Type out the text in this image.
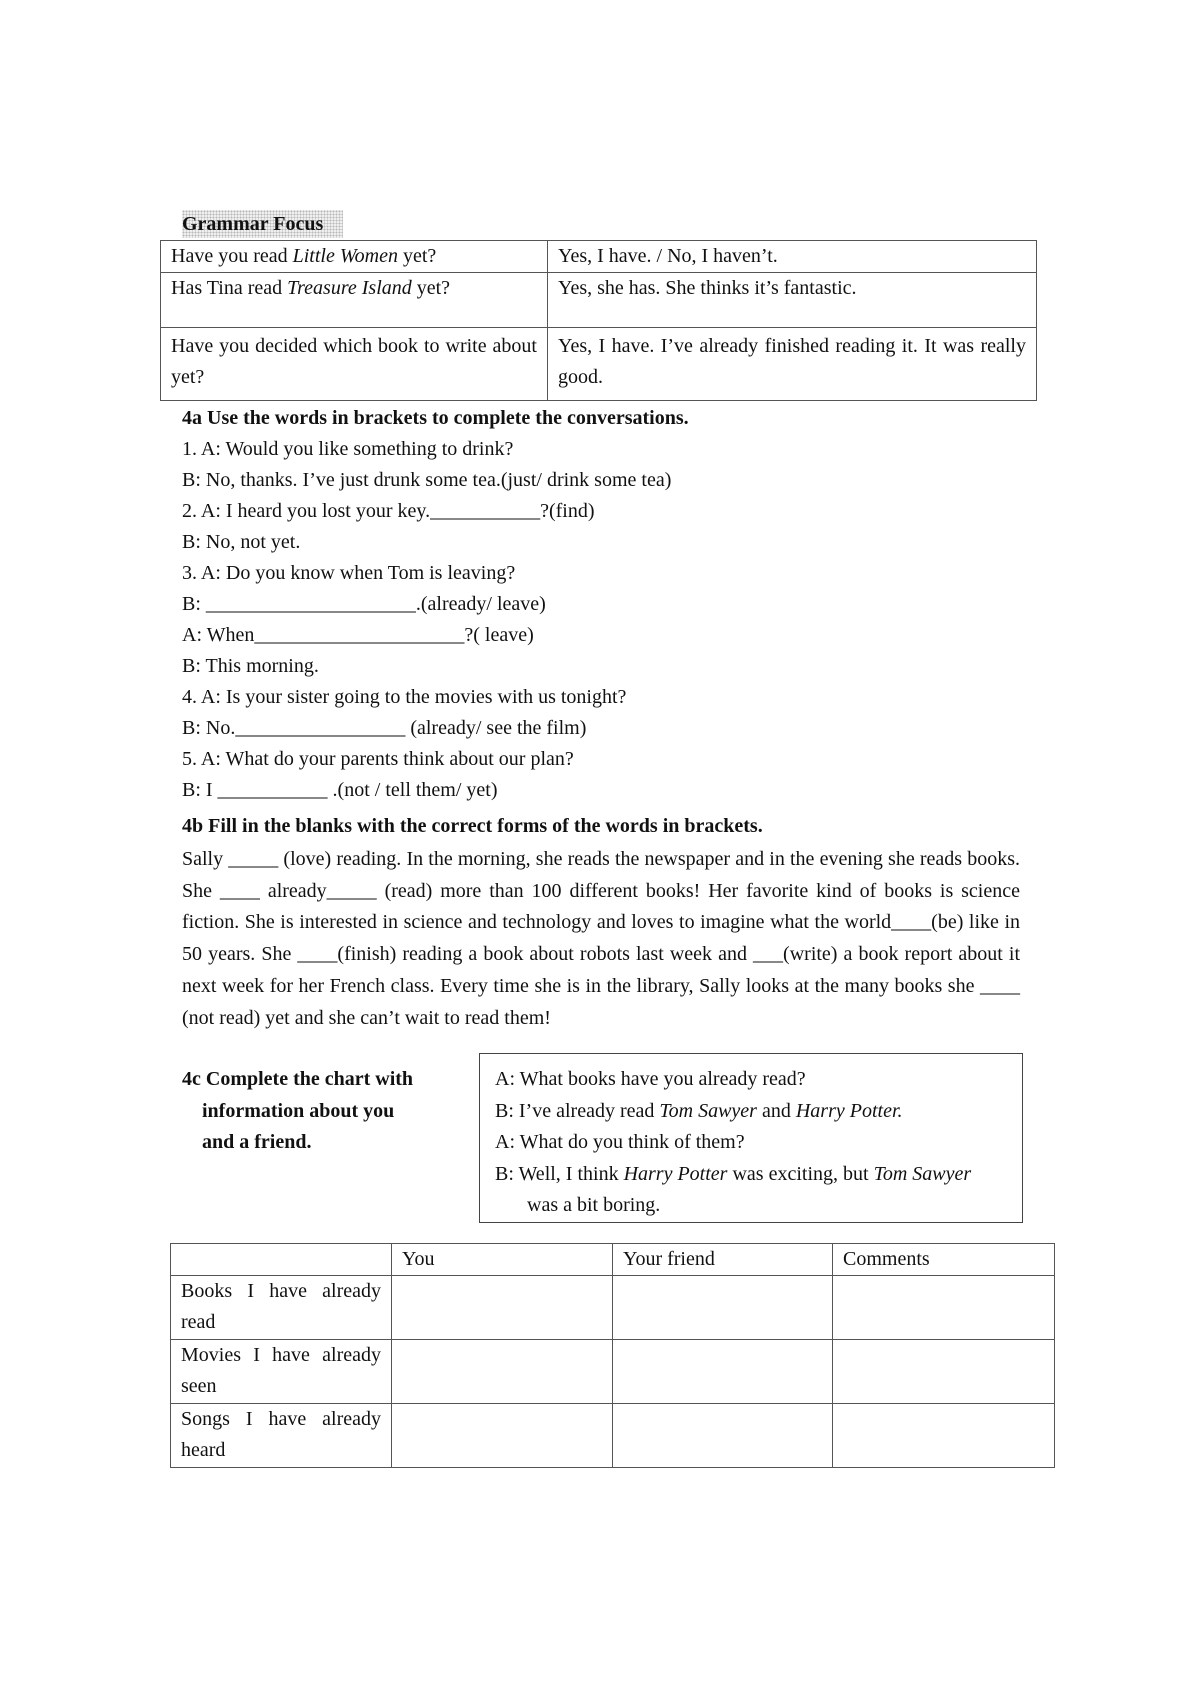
Grammar Focus
Have you read Little Women yet?	Yes, I have. / No, I haven’t.
Has Tina read Treasure Island yet?	Yes, she has. She thinks it’s fantastic.
Have you decided which book to write about yet?	Yes, I have. I’ve already finished reading it. It was really good.
4a Use the words in brackets to complete the conversations.
1. A: Would you like something to drink?
B: No, thanks. I’ve just drunk some tea.(just/ drink some tea)
2. A: I heard you lost your key.___________?(find)
B: No, not yet.
3. A: Do you know when Tom is leaving?
B: _____________________.(already/ leave)
A: When_____________________?( leave)
B: This morning.
4. A: Is your sister going to the movies with us tonight?
B: No._________________ (already/ see the film)
5. A: What do your parents think about our plan?
B: I ___________ .(not / tell them/ yet)
4b Fill in the blanks with the correct forms of the words in brackets.
Sally _____ (love) reading. In the morning, she reads the newspaper and in the evening she reads books. She ____ already_____ (read) more than 100 different books! Her favorite kind of books is science fiction. She is interested in science and technology and loves to imagine what the world____(be) like in 50 years. She ____(finish) reading a book about robots last week and ___(write) a book report about it next week for her French class. Every time she is in the library, Sally looks at the many books she ____ (not read) yet and she can’t wait to read them!
4c Complete the chart with
information about you
and a friend.
A: What books have you already read?
B: I’ve already read Tom Sawyer and Harry Potter.
A: What do you think of them?
B: Well, I think Harry Potter was exciting, but Tom Sawyer
was a bit boring.
	You	Your friend	Comments
Books I have already read			
Movies I have already seen			
Songs I have already heard			
